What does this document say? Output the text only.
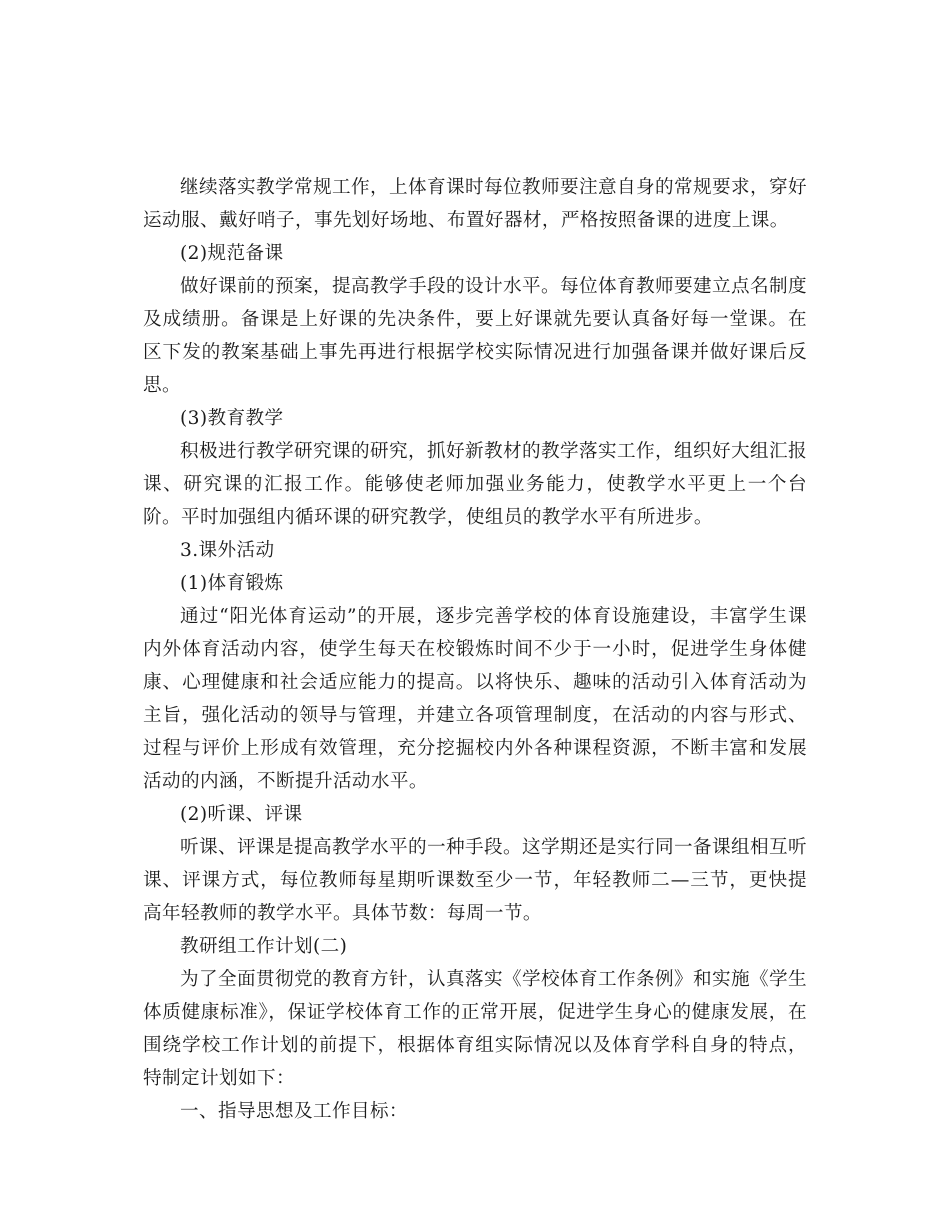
继续落实教学常规工作，上体育课时每位教师要注意自身的常规要求，穿好运动服、戴好哨子，事先划好场地、布置好器材，严格按照备课的进度上课。

(2)规范备课

做好课前的预案，提高教学手段的设计水平。每位体育教师要建立点名制度及成绩册。备课是上好课的先决条件，要上好课就先要认真备好每一堂课。在区下发的教案基础上事先再进行根据学校实际情况进行加强备课并做好课后反思。

(3)教育教学

积极进行教学研究课的研究，抓好新教材的教学落实工作，组织好大组汇报课、研究课的汇报工作。能够使老师加强业务能力，使教学水平更上一个台阶。平时加强组内循环课的研究教学，使组员的教学水平有所进步。

3.课外活动

(1)体育锻炼

通过“阳光体育运动”的开展，逐步完善学校的体育设施建设，丰富学生课内外体育活动内容，使学生每天在校锻炼时间不少于一小时，促进学生身体健康、心理健康和社会适应能力的提高。以将快乐、趣味的活动引入体育活动为主旨，强化活动的领导与管理，并建立各项管理制度，在活动的内容与形式、过程与评价上形成有效管理，充分挖掘校内外各种课程资源，不断丰富和发展活动的内涵，不断提升活动水平。

(2)听课、评课

听课、评课是提高教学水平的一种手段。这学期还是实行同一备课组相互听课、评课方式，每位教师每星期听课数至少一节，年轻教师二—三节，更快提高年轻教师的教学水平。具体节数：每周一节。

教研组工作计划(二)

为了全面贯彻党的教育方针，认真落实《学校体育工作条例》和实施《学生体质健康标准》，保证学校体育工作的正常开展，促进学生身心的健康发展，在围绕学校工作计划的前提下，根据体育组实际情况以及体育学科自身的特点，特制定计划如下：

一、指导思想及工作目标：
